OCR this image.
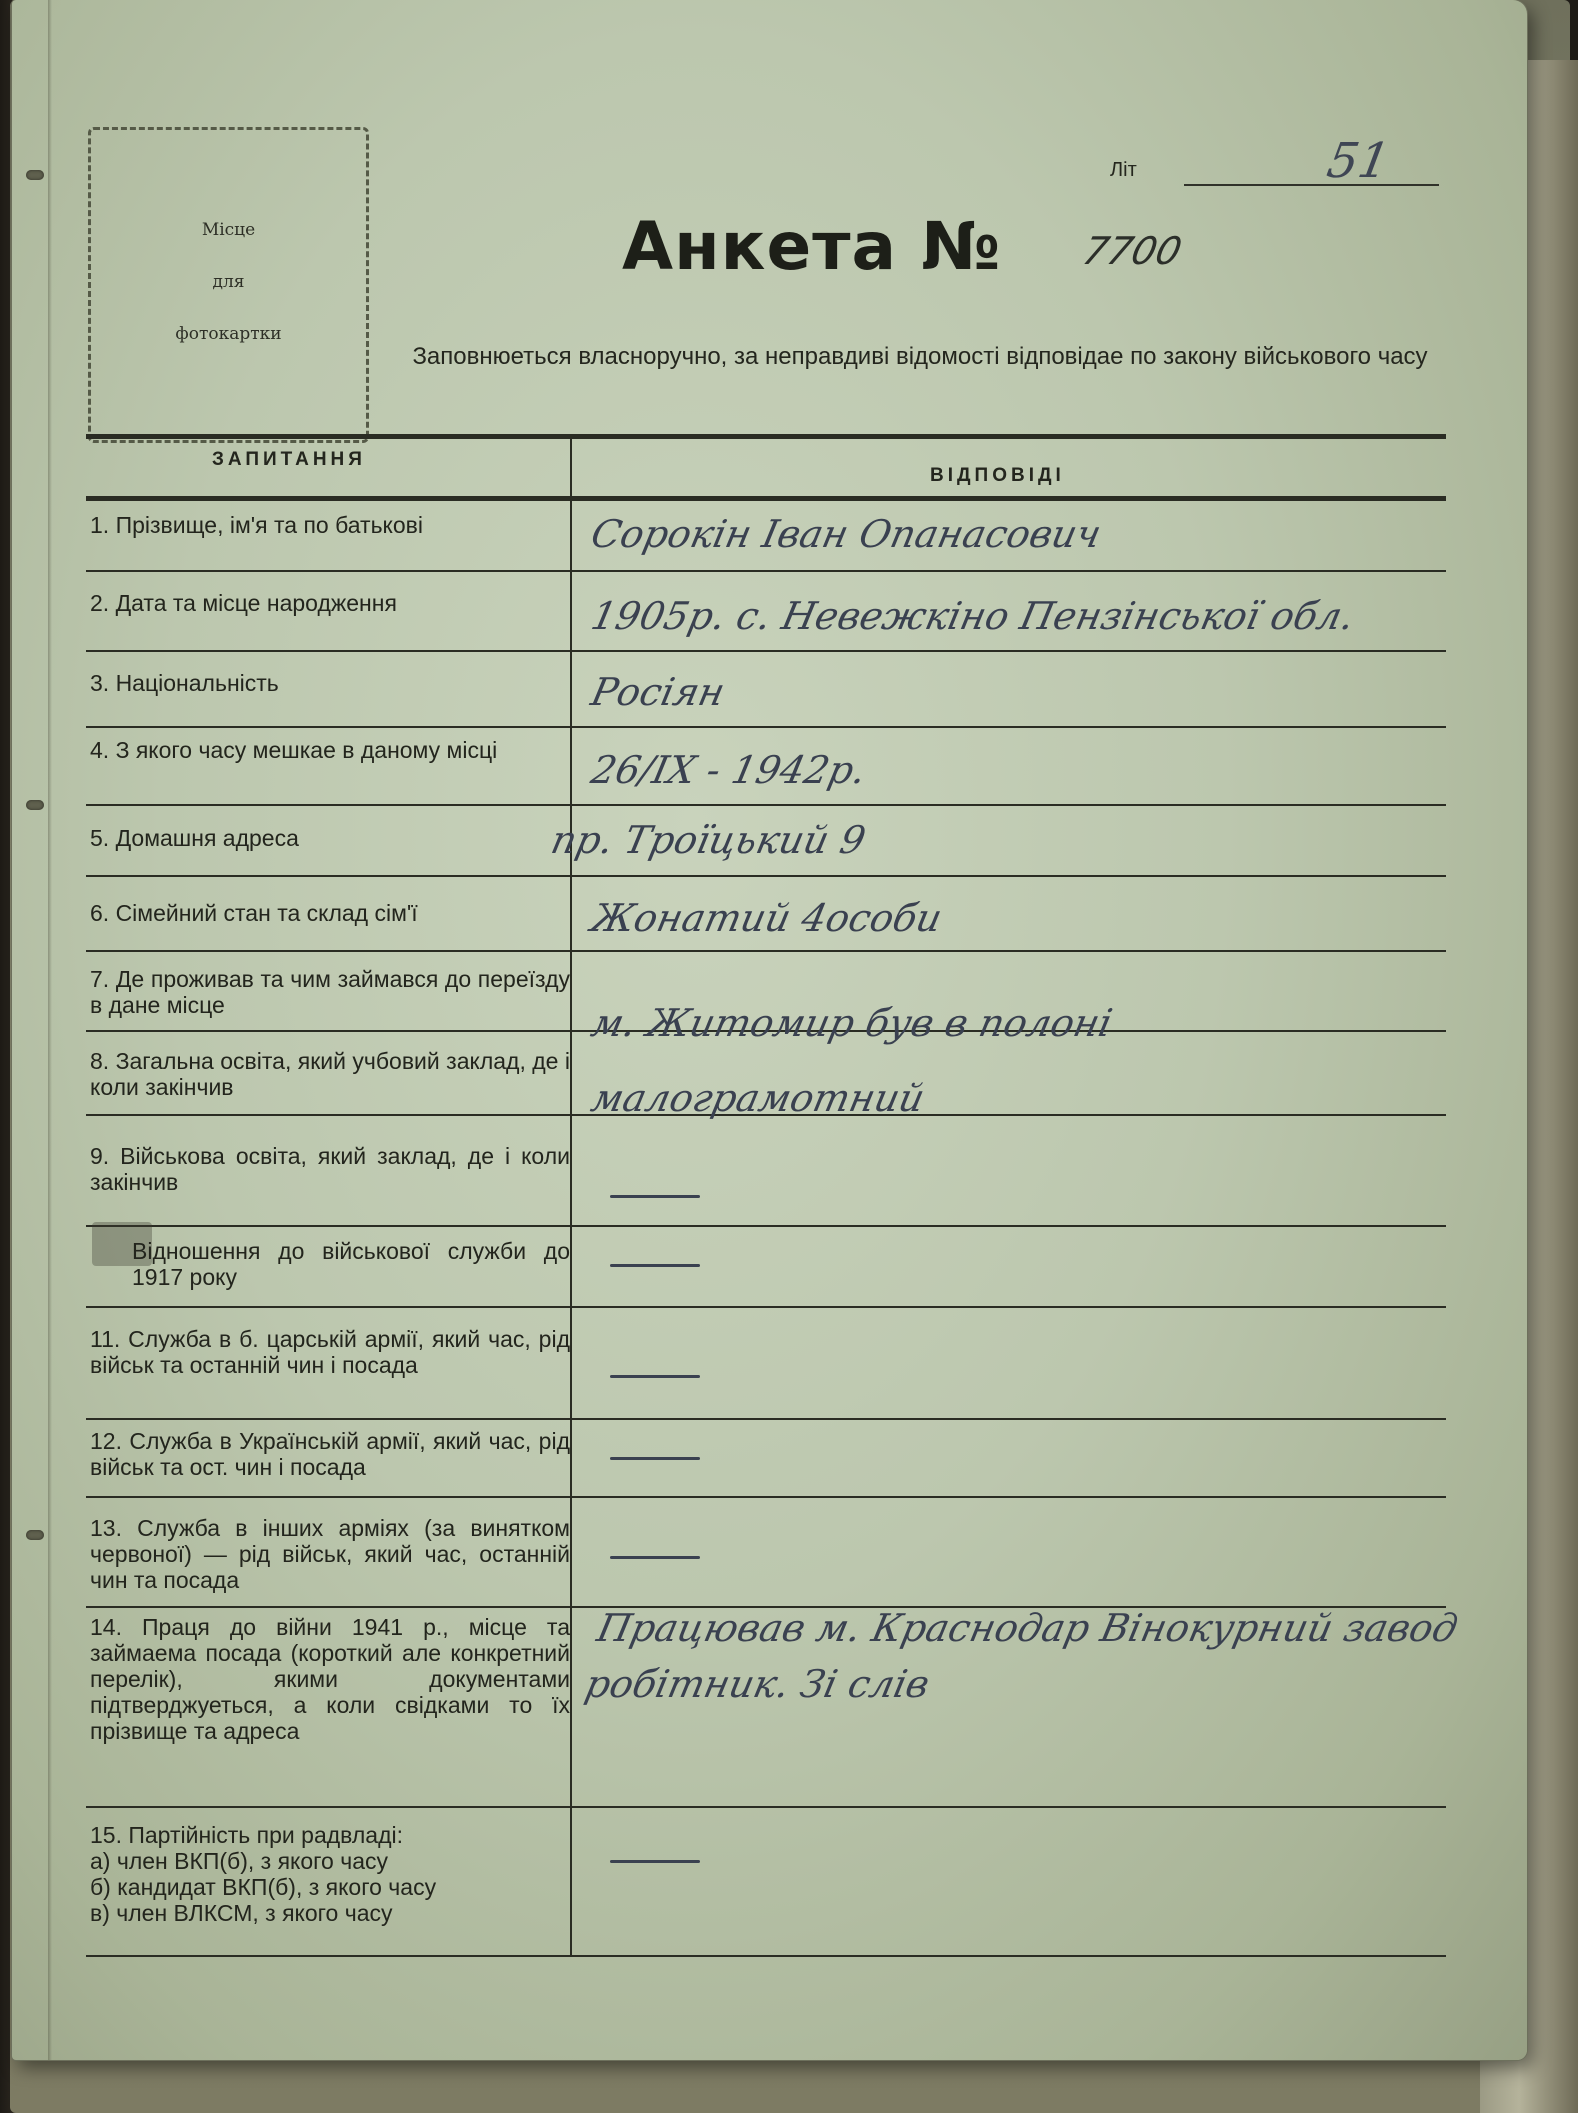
Місце
для
фотокартки
Літ	51
Анкета № 7700
Заповнюеться власноручно, за неправдиві відомості відповідае по закону військового часу
ЗАПИТАННЯ
ВІДПОВІДІ
1. Прізвище, ім'я та по батькові
2. Дата та місце народження
3. Національність
4. З якого часу мешкае в даному місці
5. Домашня адреса
6. Сімейний стан та склад сім'ї
7. Де проживав та чим займався до переїзду в дане місце
8. Загальна освіта, який учбовий заклад, де і коли закінчив
9. Військова освіта, який заклад, де і коли закінчив
Відношення до військової служби до 1917 року
11. Служба в б. царській армії, який час, рід військ та останній чин і посада
12. Служба в Українській армії, який час, рід військ та ост. чин і посада
13. Служба в інших арміях (за винятком червоної) — рід військ, який час, останній чин та посада
14. Праця до війни 1941 р., місце та займаема посада (короткий але конкретний перелік), якими документами підтверджуеться, а коли свідками то їх прізвище та адреса
15. Партійність при радвладі:
а) член ВКП(б), з якого часу
б) кандидат ВКП(б), з якого часу
в) член ВЛКСМ, з якого часу
Сорокін Іван Опанасович
1905р. с. Невежкіно Пензінської обл.
Росіян
26/IX - 1942р.
пр. Троїцький 9
Жонатий 4особи
м. Житомир був в полоні
малограмотний
Працював м. Краснодар Вінокурний завод робітник. Зі слів
